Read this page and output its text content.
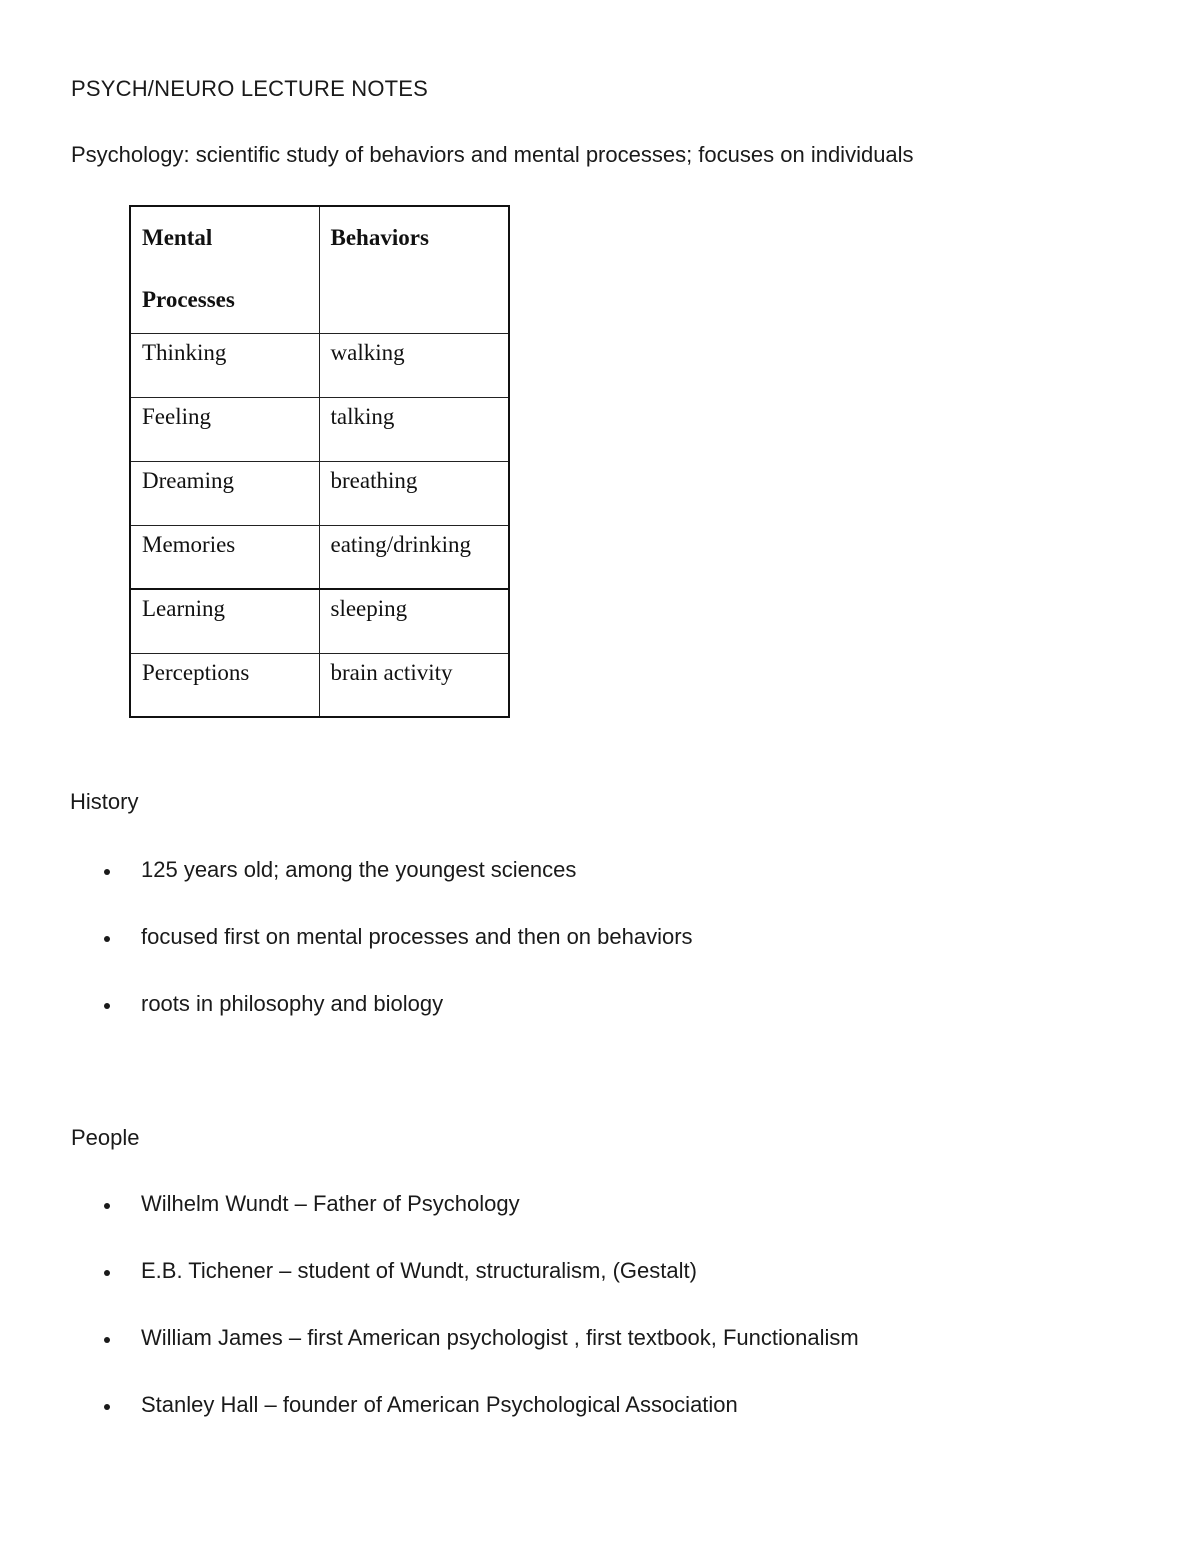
PSYCH/NEURO LECTURE NOTES
Psychology: scientific study of behaviors and mental processes; focuses on individuals
Mental
Processes	Behaviors
Thinking	walking
Feeling	talking
Dreaming	breathing
Memories	eating/drinking
Learning	sleeping
Perceptions	brain activity
History
125 years old; among the youngest sciences
focused first on mental processes and then on behaviors
roots in philosophy and biology
People
Wilhelm Wundt – Father of Psychology
E.B. Tichener – student of Wundt, structuralism, (Gestalt)
William James – first American psychologist , first textbook, Functionalism
Stanley Hall – founder of American Psychological Association
